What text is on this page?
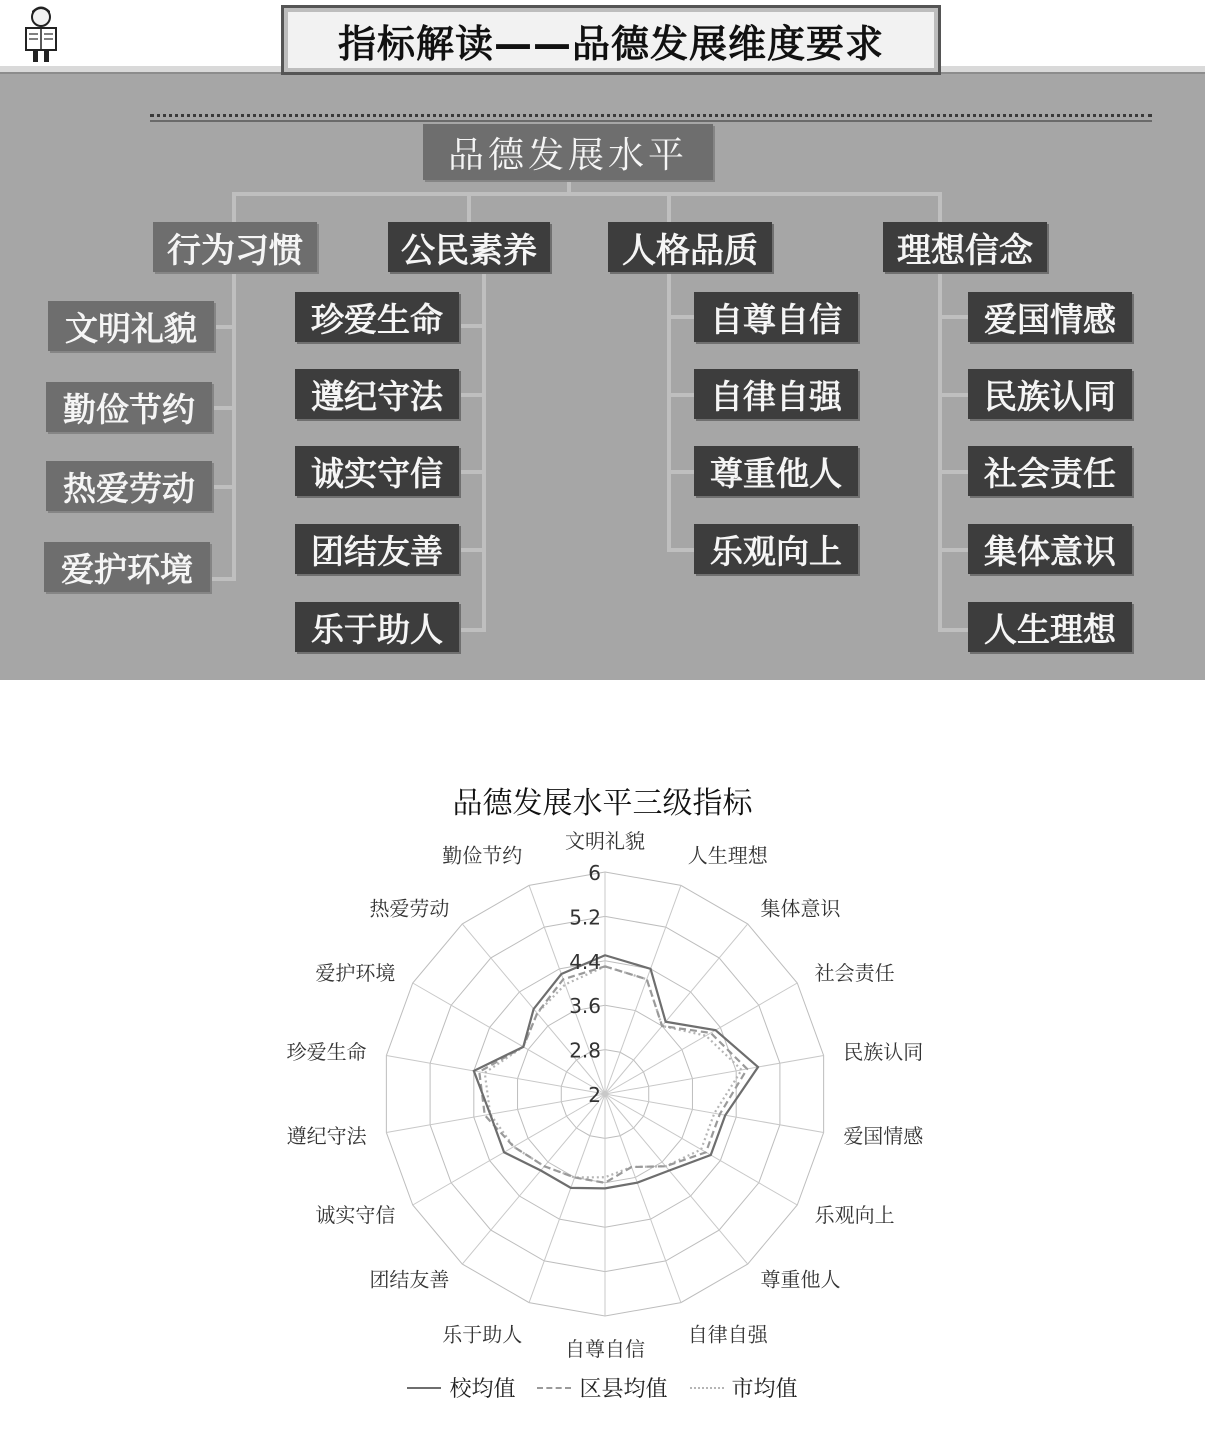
指标解读——品德发展维度要求
品德发展水平
行为习惯	公民素养	人格品质	理想信念
文明礼貌
勤俭节约
热爱劳动
爱护环境
珍爱生命
遵纪守法
诚实守信
团结友善
乐于助人
自尊自信
自律自强
尊重他人
乐观向上
爱国情感
民族认同
社会责任
集体意识
人生理想
品德发展水平三级指标
2
2.8
3.6
4.4
5.2
6
文明礼貌
人生理想
集体意识
社会责任
民族认同
爱国情感
乐观向上
尊重他人
自律自强
自尊自信
乐于助人
团结友善
诚实守信
遵纪守法
珍爱生命
爱护环境
热爱劳动
勤俭节约
校均值	区县均值	市均值
